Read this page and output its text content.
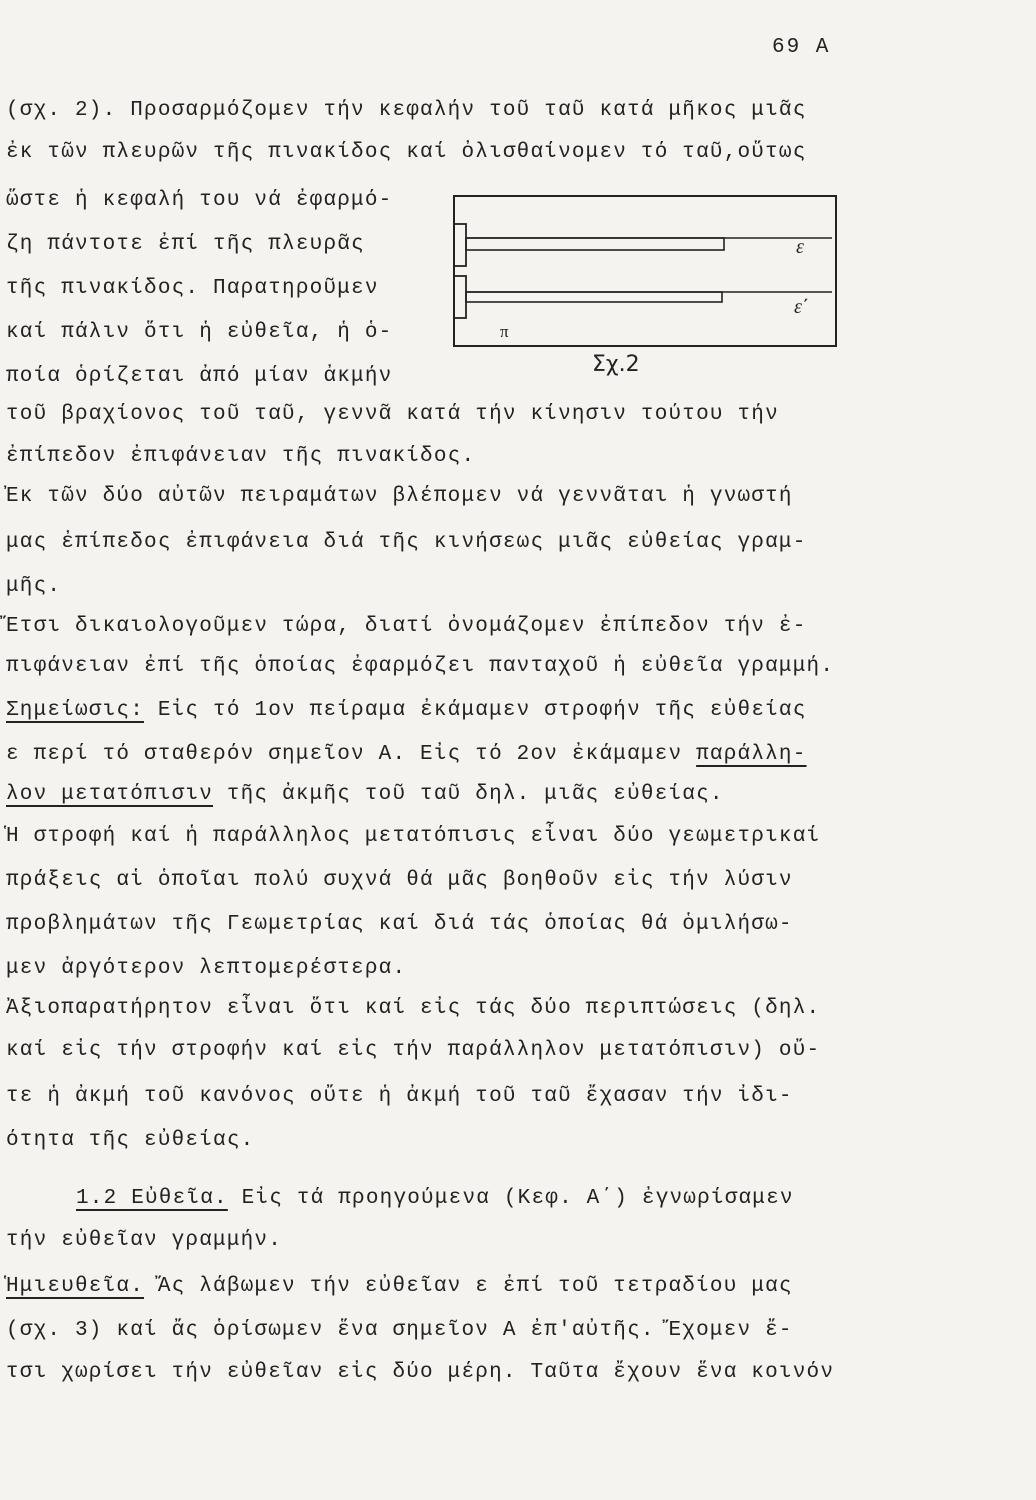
69 Α
(σχ. 2). Προσαρμόζομεν τήν κεφαλήν τοῦ ταῦ κατά μῆκος μιᾶς
ἐκ τῶν πλευρῶν τῆς πινακίδος καί ὀλισθαίνομεν τό ταῦ,οὕτως
ὥστε ἡ κεφαλή του νά ἐφαρμό-
ζη πάντοτε ἐπί τῆς πλευρᾶς
τῆς πινακίδος. Παρατηροῦμεν
καί πάλιν ὅτι ἡ εὐθεῖα, ἡ ὁ-
ποία ὁρίζεται ἀπό μίαν ἀκμήν
ε
ε΄
π
Σχ.2
τοῦ βραχίονος τοῦ ταῦ, γεννᾶ κατά τήν κίνησιν τούτου τήν
ἐπίπεδον ἐπιφάνειαν τῆς πινακίδος.
Ἐκ τῶν δύο αὐτῶν πειραμάτων βλέπομεν νά γεννᾶται ἡ γνωστή
μας ἐπίπεδος ἐπιφάνεια διά τῆς κινήσεως μιᾶς εὐθείας γραμ-
μῆς.
Ἔτσι δικαιολογοῦμεν τώρα, διατί ὀνομάζομεν ἐπίπεδον τήν ἐ-
πιφάνειαν ἐπί τῆς ὁποίας ἐφαρμόζει πανταχοῦ ἡ εὐθεῖα γραμμή.
Σημείωσις: Εἰς τό 1ον πείραμα ἐκάμαμεν στροφήν τῆς εὐθείας
ε περί τό σταθερόν σημεῖον Α. Εἰς τό 2ον ἐκάμαμεν παράλλη-
λον μετατόπισιν τῆς ἀκμῆς τοῦ ταῦ δηλ. μιᾶς εὐθείας.
Ἡ στροφή καί ἡ παράλληλος μετατόπισις εἶναι δύο γεωμετρικαί
πράξεις αἱ ὁποῖαι πολύ συχνά θά μᾶς βοηθοῦν εἰς τήν λύσιν
προβλημάτων τῆς Γεωμετρίας καί διά τάς ὁποίας θά ὁμιλήσω-
μεν ἀργότερον λεπτομερέστερα.
Ἀξιοπαρατήρητον εἶναι ὅτι καί εἰς τάς δύο περιπτώσεις (δηλ.
καί εἰς τήν στροφήν καί εἰς τήν παράλληλον μετατόπισιν) οὔ-
τε ἡ ἀκμή τοῦ κανόνος οὔτε ἡ ἀκμή τοῦ ταῦ ἔχασαν τήν ἰδι-
ότητα τῆς εὐθείας.
1.2 Εὐθεῖα. Εἰς τά προηγούμενα (Κεφ. Α΄) ἐγνωρίσαμεν
τήν εὐθεῖαν γραμμήν.
Ἡμιευθεῖα. Ἄς λάβωμεν τήν εὐθεῖαν ε ἐπί τοῦ τετραδίου μας
(σχ. 3) καί ἄς ὁρίσωμεν ἕνα σημεῖον Α ἐπ'αὐτῆς. Ἔχομεν ἔ-
τσι χωρίσει τήν εὐθεῖαν εἰς δύο μέρη. Ταῦτα ἔχουν ἕνα κοινόν
